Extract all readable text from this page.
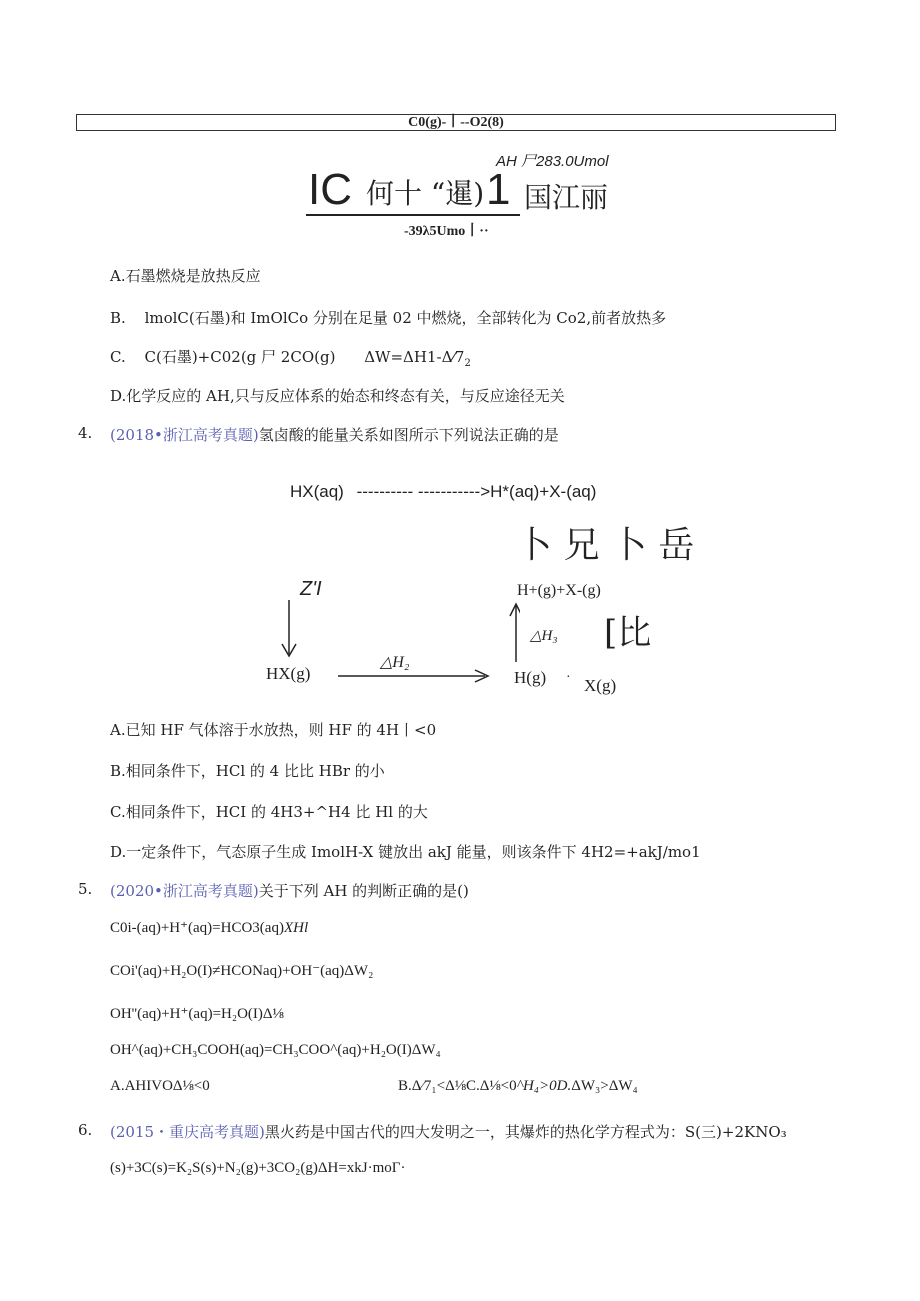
C0(g)-丨--O2(8)
AH 尸283.0Umol
IC 何十 “暹) 1 国江丽
-39λ5Umo丨··
A.石墨燃烧是放热反应
B. lmolC(石墨)和 ImOlCo 分别在足量 02 中燃烧，全部转化为 Co2,前者放热多
C. C(石墨)+C02(g 尸 2CO(g) $\Delta W=\Delta H1-\Delta⁄7_2$
D.化学反应的 AH,只与反应体系的始态和终态有关，与反应途径无关
4. (2018•浙江高考真题)氢卤酸的能量关系如图所示下列说法正确的是
HX(aq) ---------- ----------->H*(aq)+X-(aq)
卜 兄 卜 岳
Z'I	H+(g)+X-(g)
△H₃ [比
△H₂
HX(g)	H(g) · X(g)
A.已知 HF 气体溶于水放热，则 HF 的 4H丨<0
B.相同条件下，HCl 的 4 比比 HBr 的小
C.相同条件下，HCI 的 4H3+^H4 比 Hl 的大
D.一定条件下，气态原子生成 ImolH-X 键放出 akJ 能量，则该条件下 4H2=+akJ∕mo1
5. (2020•浙江高考真题)关于下列 AH 的判断正确的是()
C0i-(aq)+H⁺(aq)=HCO3(aq)XHl
COi'(aq)+H₂O(I)≠HCONaq)+OH⁻(aq)ΔW₂
OH''(aq)+H⁺(aq)=H₂O(I)Δ⅛
OH^(aq)+CH₃COOH(aq)=CH₃COO^(aq)+H₂O(I)ΔW₄
A.AHIVOΔ⅛<0	B.Δ⁄7₁<Δ⅛C.Δ⅛<0^H₄>0D.ΔW₃>ΔW₄
6. (2015・重庆高考真题)黑火药是中国古代的四大发明之一，其爆炸的热化学方程式为：S(三)+2KNO₃
(s)+3C(s)=K₂S(s)+N₂(g)+3CO₂(g)ΔH=xkJ·moΓ·
